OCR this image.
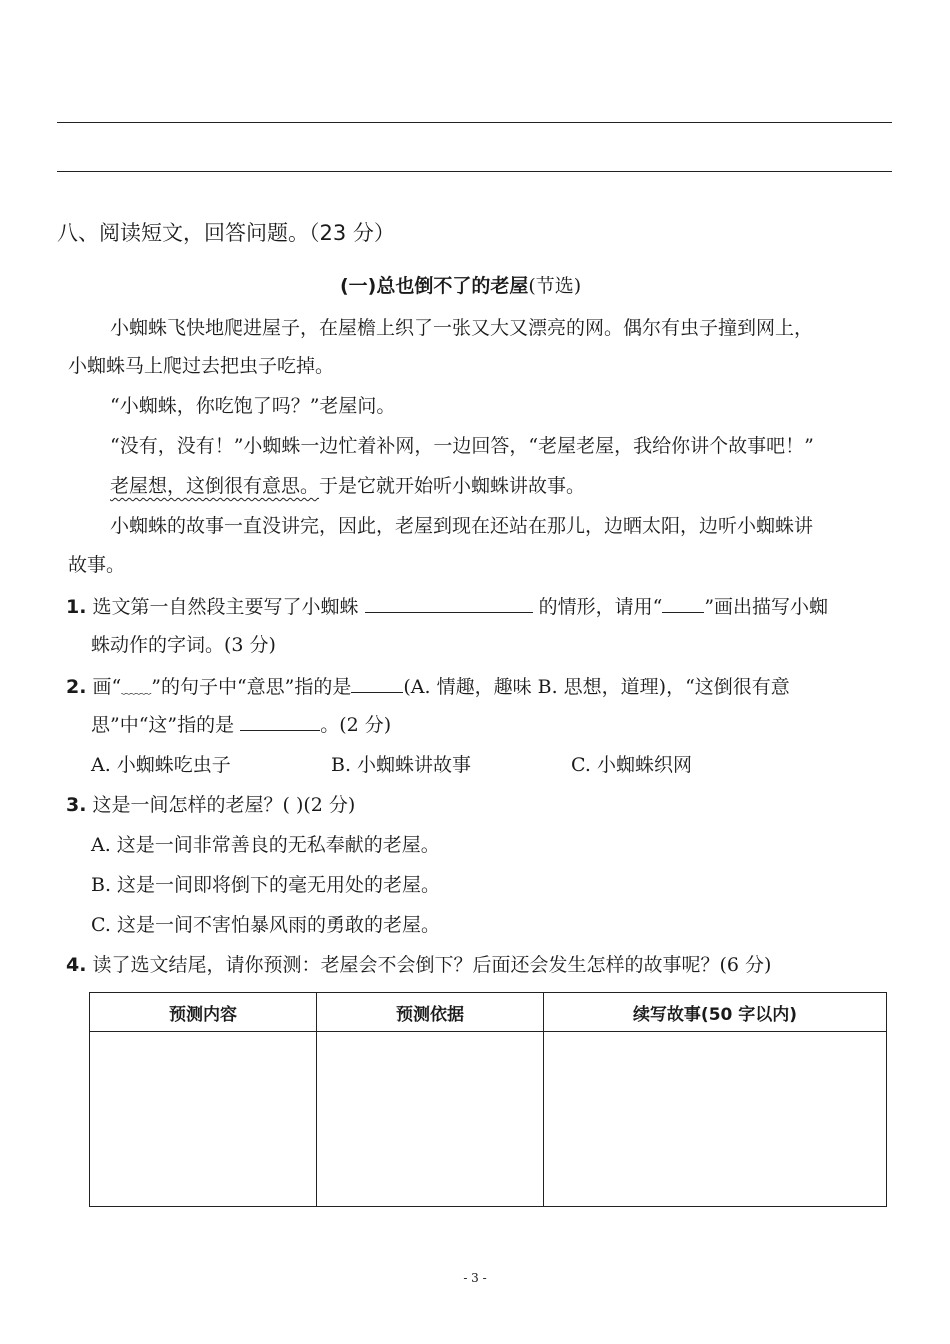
八、阅读短文，回答问题。（23 分）
(一)总也倒不了的老屋(节选)
小蜘蛛飞快地爬进屋子，在屋檐上织了一张又大又漂亮的网。偶尔有虫子撞到网上，
小蜘蛛马上爬过去把虫子吃掉。
“小蜘蛛，你吃饱了吗？”老屋问。
“没有，没有！”小蜘蛛一边忙着补网，一边回答，“老屋老屋，我给你讲个故事吧！”
老屋想，这倒很有意思。于是它就开始听小蜘蛛讲故事。
小蜘蛛的故事一直没讲完，因此，老屋到现在还站在那儿，边晒太阳，边听小蜘蛛讲
故事。
1. 选文第一自然段主要写了小蜘蛛	的情形，请用“ ”画出描写小蜘
蛛动作的字词。(3 分)
2. 画“﹏﹏”的句子中“意思”指的是	(A. 情趣，趣味 B. 思想，道理)，“这倒很有意
思”中“这”指的是	。(2 分)
A. 小蜘蛛吃虫子	B. 小蜘蛛讲故事	C. 小蜘蛛织网
3. 这是一间怎样的老屋？( )(2 分)
A. 这是一间非常善良的无私奉献的老屋。
B. 这是一间即将倒下的毫无用处的老屋。
C. 这是一间不害怕暴风雨的勇敢的老屋。
4. 读了选文结尾，请你预测：老屋会不会倒下？后面还会发生怎样的故事呢？(6 分)
预测内容	预测依据	续写故事(50 字以内)

- 3 -
